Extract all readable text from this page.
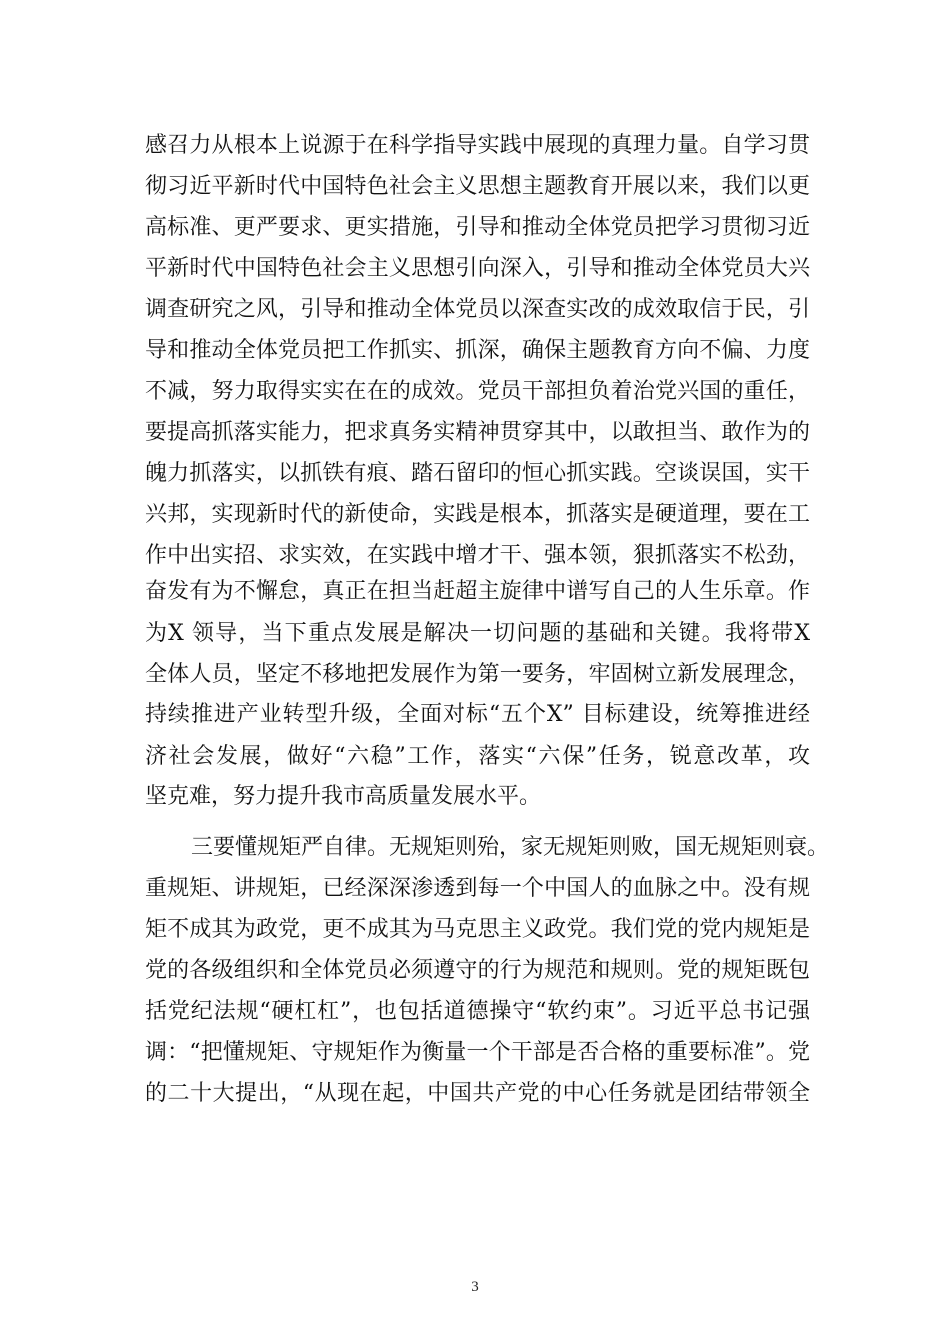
感召力从根本上说源于在科学指导实践中展现的真理力量。自学习贯
彻习近平新时代中国特色社会主义思想主题教育开展以来，我们以更
高标准、更严要求、更实措施，引导和推动全体党员把学习贯彻习近
平新时代中国特色社会主义思想引向深入，引导和推动全体党员大兴
调查研究之风，引导和推动全体党员以深查实改的成效取信于民，引
导和推动全体党员把工作抓实、抓深，确保主题教育方向不偏、力度
不减，努力取得实实在在的成效。党员干部担负着治党兴国的重任，
要提高抓落实能力，把求真务实精神贯穿其中，以敢担当、敢作为的
魄力抓落实，以抓铁有痕、踏石留印的恒心抓实践。空谈误国，实干
兴邦，实现新时代的新使命，实践是根本，抓落实是硬道理，要在工
作中出实招、求实效，在实践中增才干、强本领，狠抓落实不松劲，
奋发有为不懈怠，真正在担当赶超主旋律中谱写自己的人生乐章。作
为X 领导，当下重点发展是解决一切问题的基础和关键。我将带X
全体人员，坚定不移地把发展作为第一要务，牢固树立新发展理念，
持续推进产业转型升级，全面对标“五个X” 目标建设，统筹推进经
济社会发展，做好“六稳”工作，落实“六保”任务，锐意改革，攻
坚克难，努力提升我市高质量发展水平。
三要懂规矩严自律。无规矩则殆，家无规矩则败，国无规矩则衰。
重规矩、讲规矩，已经深深渗透到每一个中国人的血脉之中。没有规
矩不成其为政党，更不成其为马克思主义政党。我们党的党内规矩是
党的各级组织和全体党员必须遵守的行为规范和规则。党的规矩既包
括党纪法规“硬杠杠”，也包括道德操守“软约束”。习近平总书记强
调：“把懂规矩、守规矩作为衡量一个干部是否合格的重要标准”。党
的二十大提出，“从现在起，中国共产党的中心任务就是团结带领全
3
